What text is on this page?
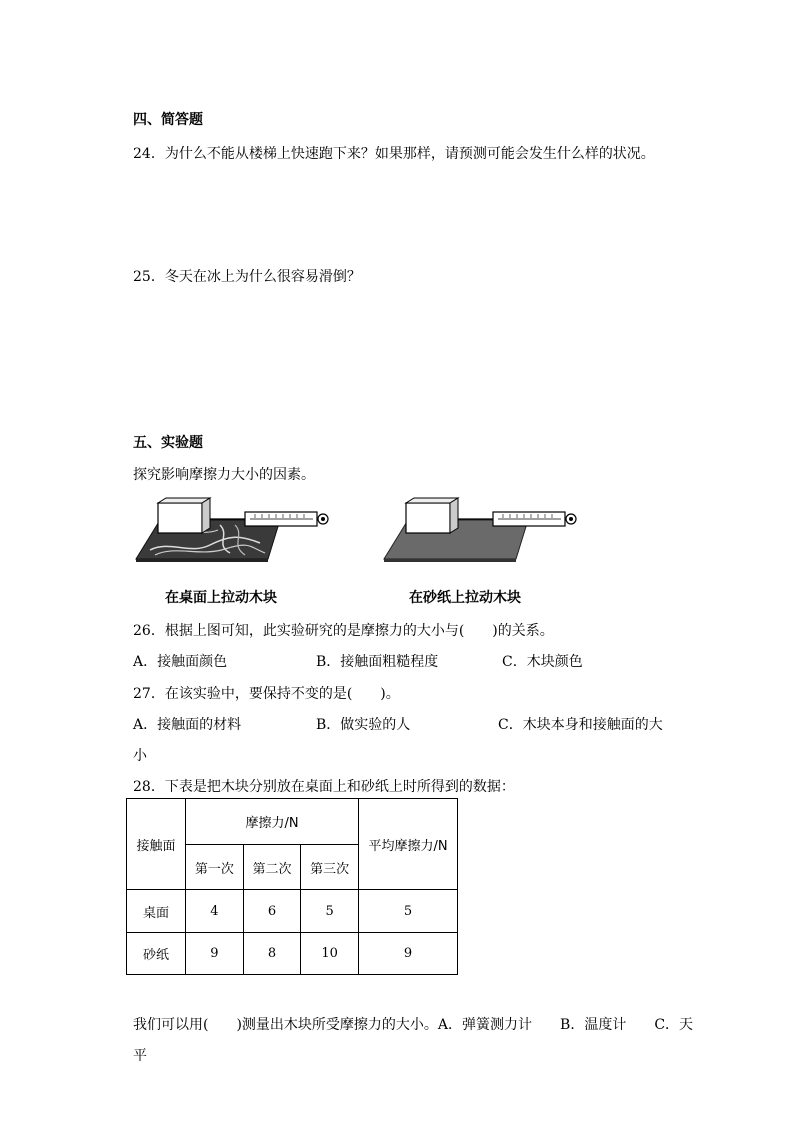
四、简答题
24．为什么不能从楼梯上快速跑下来？如果那样，请预测可能会发生什么样的状况。
25．冬天在冰上为什么很容易滑倒？
五、实验题
探究影响摩擦力大小的因素。
在桌面上拉动木块	在砂纸上拉动木块
26．根据上图可知，此实验研究的是摩擦力的大小与(　　)的关系。
A．接触面颜色	B．接触面粗糙程度	C．木块颜色
27．在该实验中，要保持不变的是(　　)。
A．接触面的材料	B．做实验的人	C．木块本身和接触面的大
小
28．下表是把木块分别放在桌面上和砂纸上时所得到的数据：
接触面	摩擦力/N			平均摩擦力/N
	第一次	第二次	第三次	
桌面	4	6	5	5
砂纸	9	8	10	9
我们可以用(　　)测量出木块所受摩擦力的大小。A．弹簧测力计　　B．温度计　　C．天
平
